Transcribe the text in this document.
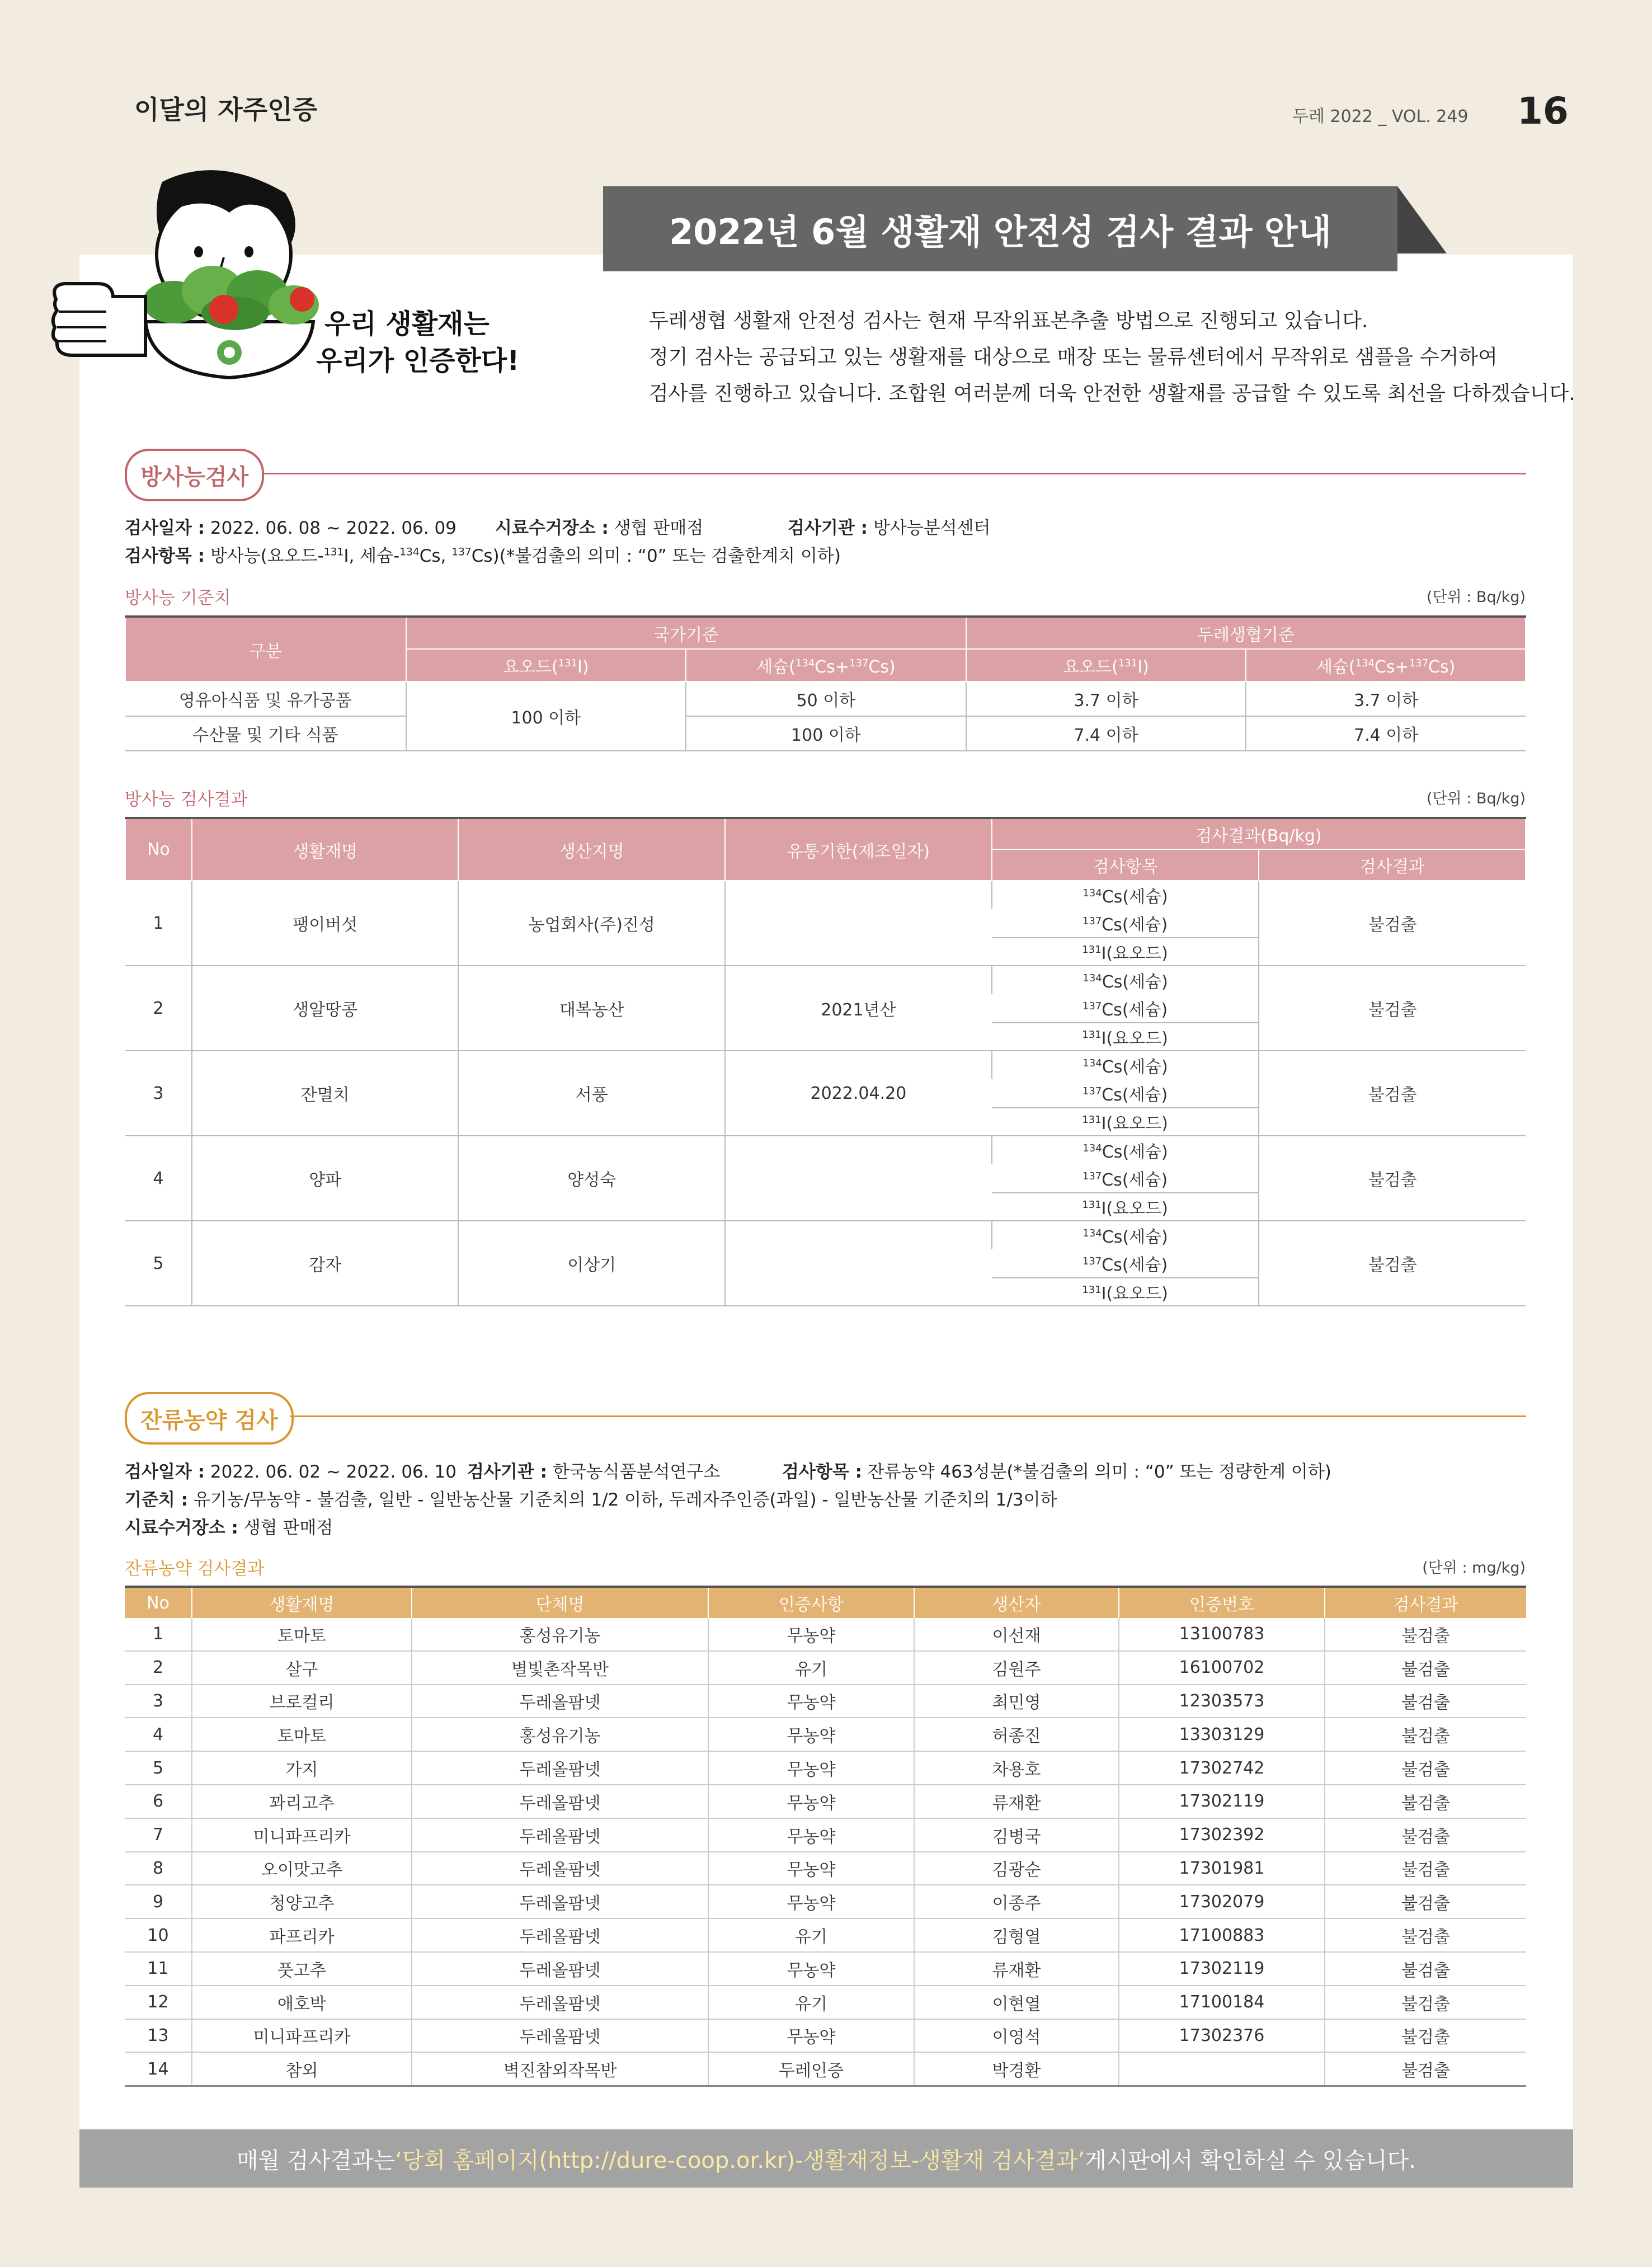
이달의 자주인증	두레 2022 _ VOL. 249 16
2022년 6월 생활재 안전성 검사 결과 안내
우리 생활재는
우리가 인증한다!

두레생협 생활재 안전성 검사는 현재 무작위표본추출 방법으로 진행되고 있습니다.

정기 검사는 공급되고 있는 생활재를 대상으로 매장 또는 물류센터에서 무작위로 샘플을 수거하여

검사를 진행하고 있습니다. 조합원 여러분께 더욱 안전한 생활재를 공급할 수 있도록 최선을 다하겠습니다.

방사능검사
검사일자 : 2022. 06. 08 ~ 2022. 06. 09 시료수거장소 : 생협 판매점	검사기관 : 방사능분석센터
검사항목 : 방사능(요오드-$^{131}$I, 세슘-$^{134}$Cs, $^{137}$Cs)(*불검출의 의미 : “0” 또는 검출한계치 이하)
방사능 기준치	(단위 : Bq/kg)
구분	국가기준		두레생협기준	
	요오드($^{131}$I)	세슘($^{134}$Cs+$^{137}$Cs)	요오드($^{131}$I)	세슘($^{134}$Cs+$^{137}$Cs)
영유아식품 및 유가공품	100 이하	50 이하	3.7 이하	3.7 이하
수산물 및 기타 식품		100 이하	7.4 이하	7.4 이하
방사능 검사결과	(단위 : Bq/kg)
No	생활재명	생산지명	유통기한(제조일자)	검사결과(Bq/kg)	
				검사항목	검사결과
1	팽이버섯	농업회사(주)진성		$^{134}$Cs(세슘)	불검출
				$^{137}$Cs(세슘)	
				$^{131}$I(요오드)	
2	생알땅콩	대복농산	2021년산	$^{134}$Cs(세슘)	불검출
				$^{137}$Cs(세슘)	
				$^{131}$I(요오드)	
3	잔멸치	서풍	2022.04.20	$^{134}$Cs(세슘)	불검출
				$^{137}$Cs(세슘)	
				$^{131}$I(요오드)	
4	양파	양성숙		$^{134}$Cs(세슘)	불검출
				$^{137}$Cs(세슘)	
				$^{131}$I(요오드)	
5	감자	이상기		$^{134}$Cs(세슘)	불검출
				$^{137}$Cs(세슘)	
				$^{131}$I(요오드)	
잔류농약 검사
검사일자 : 2022. 06. 02 ~ 2022. 06. 10 검사기관 : 한국농식품분석연구소	검사항목 : 잔류농약 463성분(*불검출의 의미 : “0” 또는 정량한계 이하)
기준치 : 유기농/무농약 - 불검출, 일반 - 일반농산물 기준치의 1/2 이하, 두레자주인증(과일) - 일반농산물 기준치의 1/3이하
시료수거장소 : 생협 판매점
잔류농약 검사결과	(단위 : mg/kg)
No	생활재명	단체명	인증사항	생산자	인증번호	검사결과
1	토마토	홍성유기농	무농약	이선재	13100783	불검출
2	살구	별빛촌작목반	유기	김원주	16100702	불검출
3	브로컬리	두레올팜넷	무농약	최민영	12303573	불검출
4	토마토	홍성유기농	무농약	허종진	13303129	불검출
5	가지	두레올팜넷	무농약	차용호	17302742	불검출
6	꽈리고추	두레올팜넷	무농약	류재환	17302119	불검출
7	미니파프리카	두레올팜넷	무농약	김병국	17302392	불검출
8	오이맛고추	두레올팜넷	무농약	김광순	17301981	불검출
9	청양고추	두레올팜넷	무농약	이종주	17302079	불검출
10	파프리카	두레올팜넷	유기	김형열	17100883	불검출
11	풋고추	두레올팜넷	무농약	류재환	17302119	불검출
12	애호박	두레올팜넷	유기	이현열	17100184	불검출
13	미니파프리카	두레올팜넷	무농약	이영석	17302376	불검출
14	참외	벽진참외작목반	두레인증	박경환		불검출
매월 검사결과는 ‘당회 홈페이지(http://dure-coop.or.kr)-생활재정보-생활재 검사결과’ 게시판에서 확인하실 수 있습니다.
